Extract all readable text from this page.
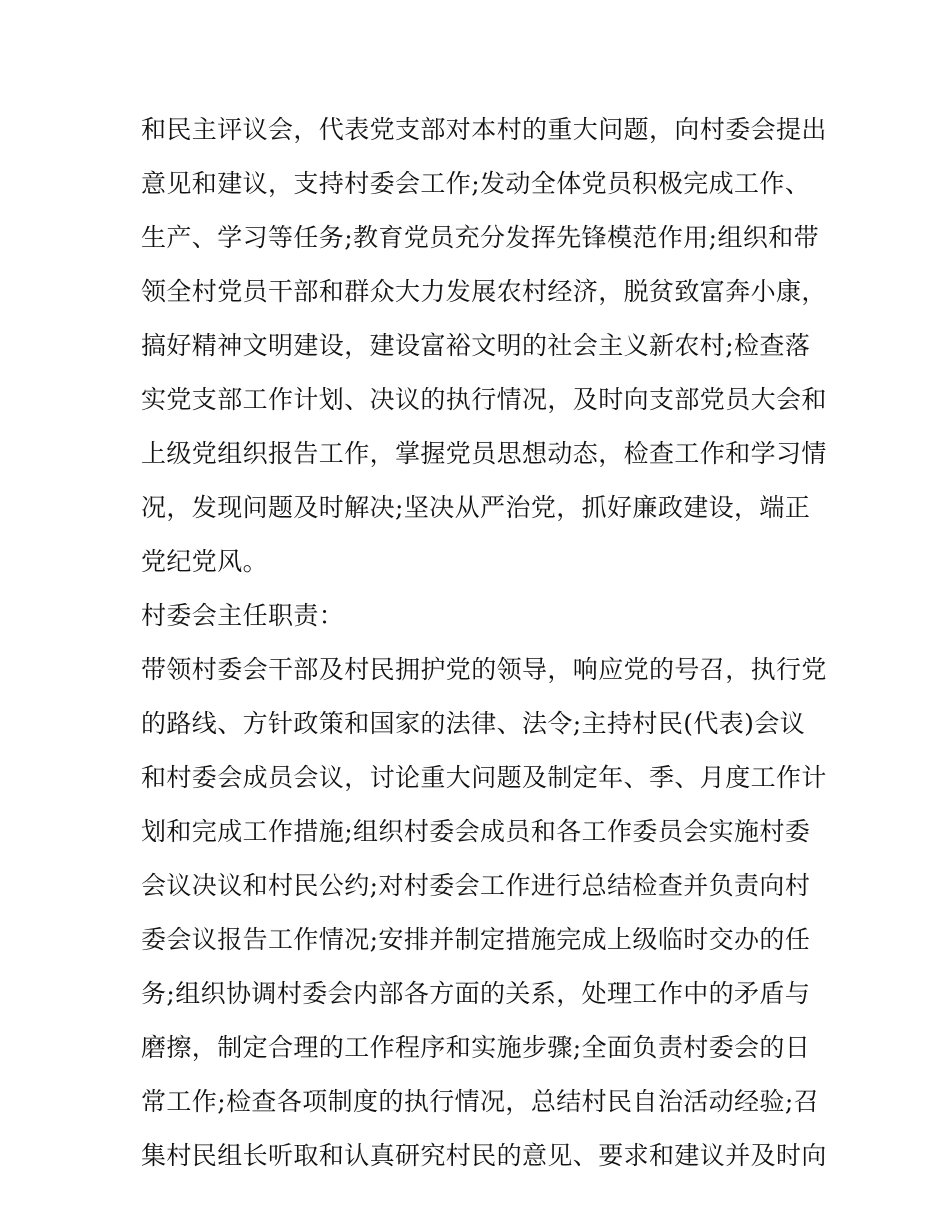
和民主评议会，代表党支部对本村的重大问题，向村委会提出
意见和建议，支持村委会工作;发动全体党员积极完成工作、
生产、学习等任务;教育党员充分发挥先锋模范作用;组织和带
领全村党员干部和群众大力发展农村经济，脱贫致富奔小康，
搞好精神文明建设，建设富裕文明的社会主义新农村;检查落
实党支部工作计划、决议的执行情况，及时向支部党员大会和
上级党组织报告工作，掌握党员思想动态，检查工作和学习情
况，发现问题及时解决;坚决从严治党，抓好廉政建设，端正
党纪党风。
村委会主任职责：
带领村委会干部及村民拥护党的领导，响应党的号召，执行党
的路线、方针政策和国家的法律、法令;主持村民(代表)会议
和村委会成员会议，讨论重大问题及制定年、季、月度工作计
划和完成工作措施;组织村委会成员和各工作委员会实施村委
会议决议和村民公约;对村委会工作进行总结检查并负责向村
委会议报告工作情况;安排并制定措施完成上级临时交办的任
务;组织协调村委会内部各方面的关系，处理工作中的矛盾与
磨擦，制定合理的工作程序和实施步骤;全面负责村委会的日
常工作;检查各项制度的执行情况，总结村民自治活动经验;召
集村民组长听取和认真研究村民的意见、要求和建议并及时向
